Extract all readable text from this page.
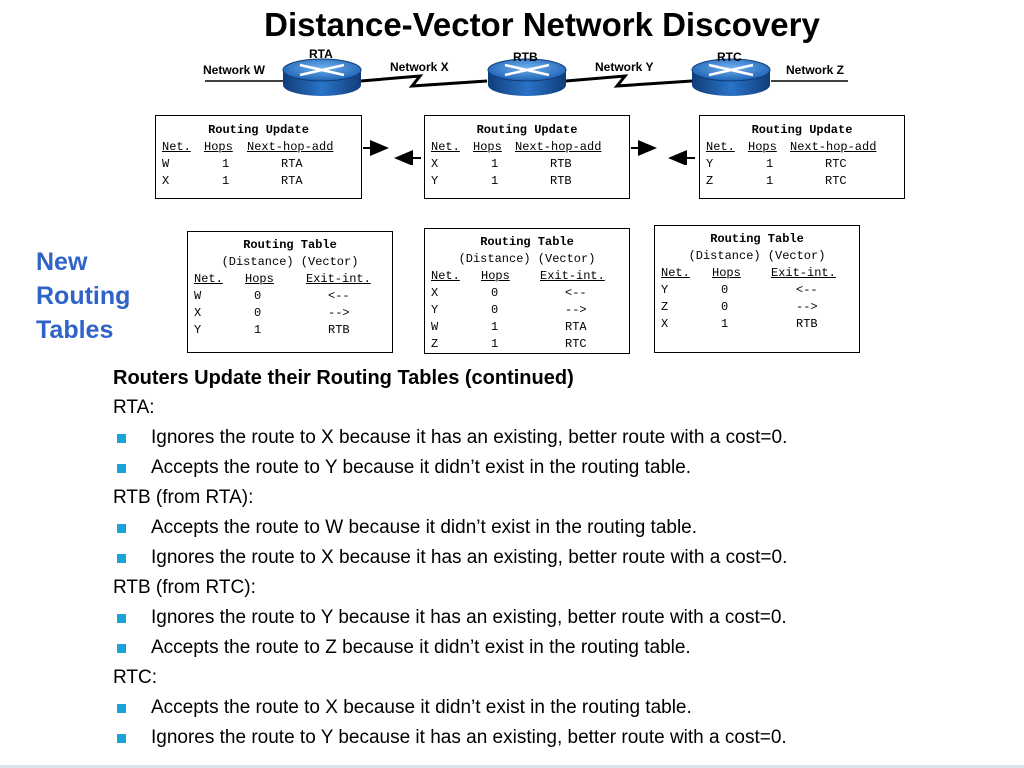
Distance-Vector Network Discovery
Network W	Network X	Network Y	Network Z
RTA	RTB	RTC
Routing Update
Net. Hops Next-hop-add
W	1	RTA
X	1	RTA
Routing Update
Net. Hops Next-hop-add
X	1	RTB
Y	1	RTB
Routing Update
Net. Hops Next-hop-add
Y	1	RTC
Z	1	RTC
New
Routing
Tables
Routing Table
(Distance) (Vector)
Net. Hops	Exit-int.
W	0	<--
X	0	-->
Y	1	RTB
Routing Table
(Distance) (Vector)
Net. Hops	Exit-int.
X	0	<--
Y	0	-->
W	1	RTA
Z	1	RTC
Routing Table
(Distance) (Vector)
Net. Hops	Exit-int.
Y	0	<--
Z	0	-->
X	1	RTB
Routers Update their Routing Tables (continued)
RTA:
Ignores the route to X because it has an existing, better route with a cost=0.
Accepts the route to Y because it didn’t exist in the routing table.
RTB (from RTA):
Accepts the route to W because it didn’t exist in the routing table.
Ignores the route to X because it has an existing, better route with a cost=0.
RTB (from RTC):
Ignores the route to Y because it has an existing, better route with a cost=0.
Accepts the route to Z because it didn’t exist in the routing table.
RTC:
Accepts the route to X because it didn’t exist in the routing table.
Ignores the route to Y because it has an existing, better route with a cost=0.
